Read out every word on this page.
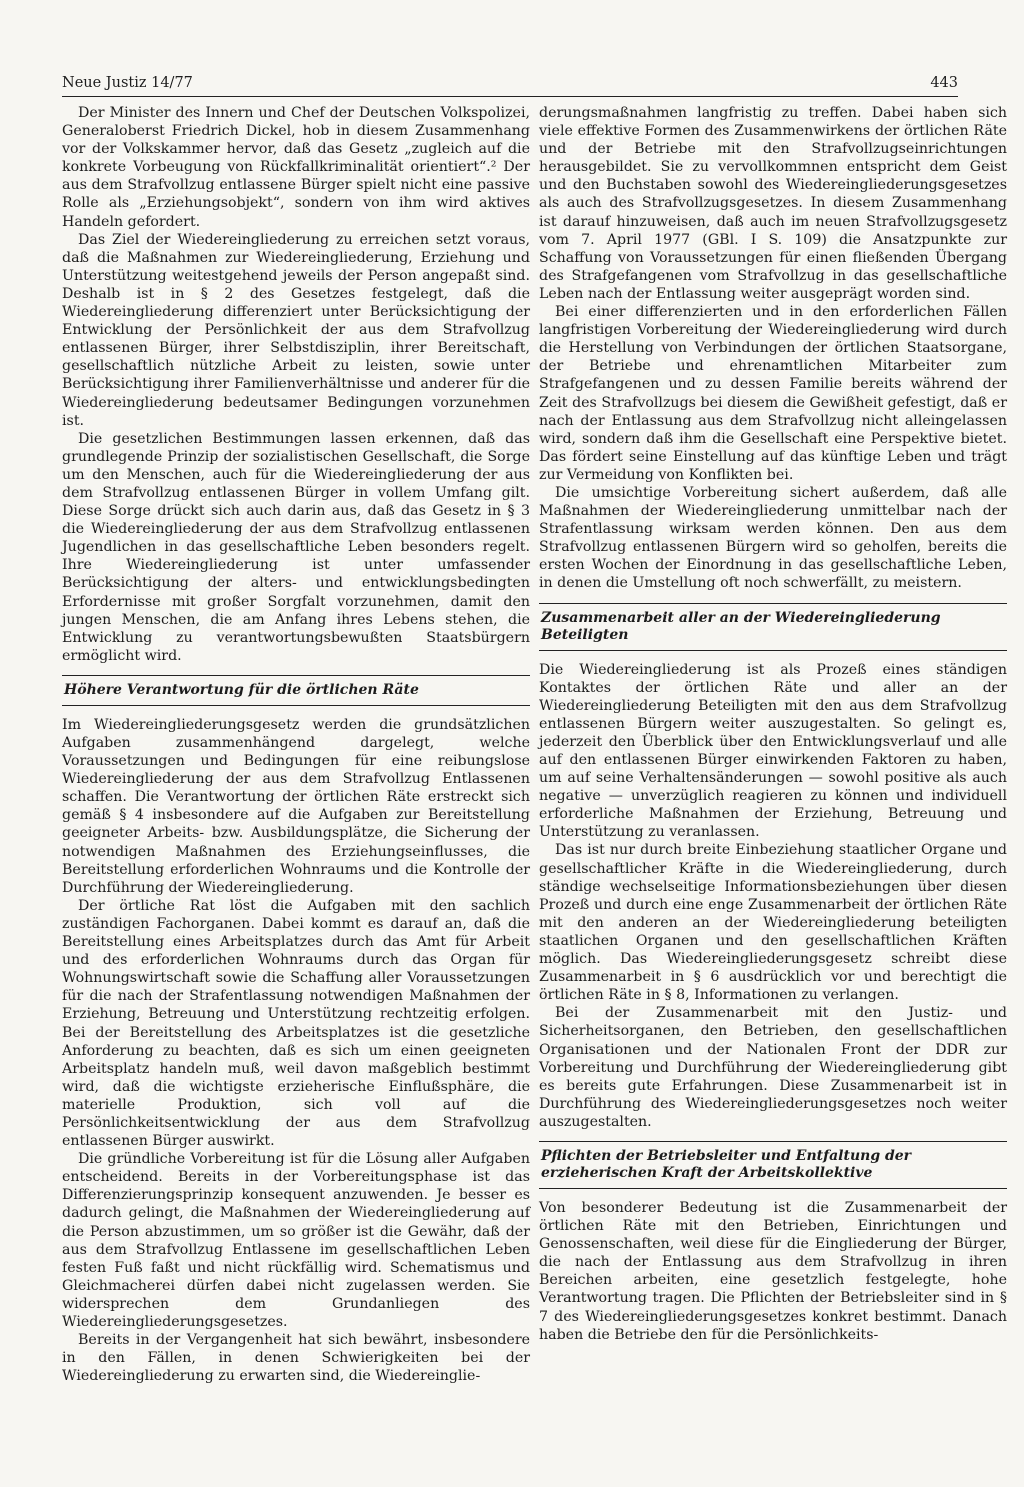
Neue Justiz 14/77	443

Der Minister des Innern und Chef der Deutschen Volkspolizei, Generaloberst Friedrich Dickel, hob in diesem Zusammenhang vor der Volkskammer hervor, daß das Gesetz „zugleich auf die konkrete Vorbeugung von Rückfallkriminalität orientiert“.² Der aus dem Strafvollzug entlassene Bürger spielt nicht eine passive Rolle als „Erziehungsobjekt“, sondern von ihm wird aktives Handeln gefordert.

Das Ziel der Wiedereingliederung zu erreichen setzt voraus, daß die Maßnahmen zur Wiedereingliederung, Erziehung und Unterstützung weitestgehend jeweils der Person angepaßt sind. Deshalb ist in § 2 des Gesetzes festgelegt, daß die Wiedereingliederung differenziert unter Berücksichtigung der Entwicklung der Persönlichkeit der aus dem Strafvollzug entlassenen Bürger, ihrer Selbstdisziplin, ihrer Bereitschaft, gesellschaftlich nützliche Arbeit zu leisten, sowie unter Berücksichtigung ihrer Familienverhältnisse und anderer für die Wiedereingliederung bedeutsamer Bedingungen vorzunehmen ist.

Die gesetzlichen Bestimmungen lassen erkennen, daß das grundlegende Prinzip der sozialistischen Gesellschaft, die Sorge um den Menschen, auch für die Wiedereingliederung der aus dem Strafvollzug entlassenen Bürger in vollem Umfang gilt. Diese Sorge drückt sich auch darin aus, daß das Gesetz in § 3 die Wiedereingliederung der aus dem Strafvollzug entlassenen Jugendlichen in das gesellschaftliche Leben besonders regelt. Ihre Wiedereingliederung ist unter umfassender Berücksichtigung der alters- und entwicklungsbedingten Erfordernisse mit großer Sorgfalt vorzunehmen, damit den jungen Menschen, die am Anfang ihres Lebens stehen, die Entwicklung zu verantwortungsbewußten Staatsbürgern ermöglicht wird.

Höhere Verantwortung für die örtlichen Räte

Im Wiedereingliederungsgesetz werden die grundsätzlichen Aufgaben zusammenhängend dargelegt, welche Voraussetzungen und Bedingungen für eine reibungslose Wiedereingliederung der aus dem Strafvollzug Entlassenen schaffen. Die Verantwortung der örtlichen Räte erstreckt sich gemäß § 4 insbesondere auf die Aufgaben zur Bereitstellung geeigneter Arbeits- bzw. Ausbildungsplätze, die Sicherung der notwendigen Maßnahmen des Erziehungseinflusses, die Bereitstellung erforderlichen Wohnraums und die Kontrolle der Durchführung der Wiedereingliederung.

Der örtliche Rat löst die Aufgaben mit den sachlich zuständigen Fachorganen. Dabei kommt es darauf an, daß die Bereitstellung eines Arbeitsplatzes durch das Amt für Arbeit und des erforderlichen Wohnraums durch das Organ für Wohnungswirtschaft sowie die Schaffung aller Voraussetzungen für die nach der Strafentlassung notwendigen Maßnahmen der Erziehung, Betreuung und Unterstützung rechtzeitig erfolgen. Bei der Bereitstellung des Arbeitsplatzes ist die gesetzliche Anforderung zu beachten, daß es sich um einen geeigneten Arbeitsplatz handeln muß, weil davon maßgeblich bestimmt wird, daß die wichtigste erzieherische Einflußsphäre, die materielle Produktion, sich voll auf die Persönlichkeitsentwicklung der aus dem Strafvollzug entlassenen Bürger auswirkt.

Die gründliche Vorbereitung ist für die Lösung aller Aufgaben entscheidend. Bereits in der Vorbereitungsphase ist das Differenzierungsprinzip konsequent anzuwenden. Je besser es dadurch gelingt, die Maßnahmen der Wiedereingliederung auf die Person abzustimmen, um so größer ist die Gewähr, daß der aus dem Strafvollzug Entlassene im gesellschaftlichen Leben festen Fuß faßt und nicht rückfällig wird. Schematismus und Gleichmacherei dürfen dabei nicht zugelassen werden. Sie widersprechen dem Grundanliegen des Wiedereingliederungsgesetzes.

Bereits in der Vergangenheit hat sich bewährt, insbesondere in den Fällen, in denen Schwierigkeiten bei der Wiedereingliederung zu erwarten sind, die Wiedereinglie-

derungsmaßnahmen langfristig zu treffen. Dabei haben sich viele effektive Formen des Zusammenwirkens der örtlichen Räte und der Betriebe mit den Strafvollzugseinrichtungen herausgebildet. Sie zu vervollkommnen entspricht dem Geist und den Buchstaben sowohl des Wiedereingliederungsgesetzes als auch des Strafvollzugsgesetzes. In diesem Zusammenhang ist darauf hinzuweisen, daß auch im neuen Strafvollzugsgesetz vom 7. April 1977 (GBl. I S. 109) die Ansatzpunkte zur Schaffung von Voraussetzungen für einen fließenden Übergang des Strafgefangenen vom Strafvollzug in das gesellschaftliche Leben nach der Entlassung weiter ausgeprägt worden sind.

Bei einer differenzierten und in den erforderlichen Fällen langfristigen Vorbereitung der Wiedereingliederung wird durch die Herstellung von Verbindungen der örtlichen Staatsorgane, der Betriebe und ehrenamtlichen Mitarbeiter zum Strafgefangenen und zu dessen Familie bereits während der Zeit des Strafvollzugs bei diesem die Gewißheit gefestigt, daß er nach der Entlassung aus dem Strafvollzug nicht alleingelassen wird, sondern daß ihm die Gesellschaft eine Perspektive bietet. Das fördert seine Einstellung auf das künftige Leben und trägt zur Vermeidung von Konflikten bei.

Die umsichtige Vorbereitung sichert außerdem, daß alle Maßnahmen der Wiedereingliederung unmittelbar nach der Strafentlassung wirksam werden können. Den aus dem Strafvollzug entlassenen Bürgern wird so geholfen, bereits die ersten Wochen der Einordnung in das gesellschaftliche Leben, in denen die Umstellung oft noch schwerfällt, zu meistern.

Zusammenarbeit aller an der Wiedereingliederung Beteiligten

Die Wiedereingliederung ist als Prozeß eines ständigen Kontaktes der örtlichen Räte und aller an der Wiedereingliederung Beteiligten mit den aus dem Strafvollzug entlassenen Bürgern weiter auszugestalten. So gelingt es, jederzeit den Überblick über den Entwicklungsverlauf und alle auf den entlassenen Bürger einwirkenden Faktoren zu haben, um auf seine Verhaltensänderungen — sowohl positive als auch negative — unverzüglich reagieren zu können und individuell erforderliche Maßnahmen der Erziehung, Betreuung und Unterstützung zu veranlassen.

Das ist nur durch breite Einbeziehung staatlicher Organe und gesellschaftlicher Kräfte in die Wiedereingliederung, durch ständige wechselseitige Informationsbeziehungen über diesen Prozeß und durch eine enge Zusammenarbeit der örtlichen Räte mit den anderen an der Wiedereingliederung beteiligten staatlichen Organen und den gesellschaftlichen Kräften möglich. Das Wiedereingliederungsgesetz schreibt diese Zusammenarbeit in § 6 ausdrücklich vor und berechtigt die örtlichen Räte in § 8, Informationen zu verlangen.

Bei der Zusammenarbeit mit den Justiz- und Sicherheitsorganen, den Betrieben, den gesellschaftlichen Organisationen und der Nationalen Front der DDR zur Vorbereitung und Durchführung der Wiedereingliederung gibt es bereits gute Erfahrungen. Diese Zusammenarbeit ist in Durchführung des Wiedereingliederungsgesetzes noch weiter auszugestalten.

Pflichten der Betriebsleiter und Entfaltung der erzieherischen Kraft der Arbeitskollektive

Von besonderer Bedeutung ist die Zusammenarbeit der örtlichen Räte mit den Betrieben, Einrichtungen und Genossenschaften, weil diese für die Eingliederung der Bürger, die nach der Entlassung aus dem Strafvollzug in ihren Bereichen arbeiten, eine gesetzlich festgelegte, hohe Verantwortung tragen. Die Pflichten der Betriebsleiter sind in § 7 des Wiedereingliederungsgesetzes konkret bestimmt. Danach haben die Betriebe den für die Persönlichkeits-
